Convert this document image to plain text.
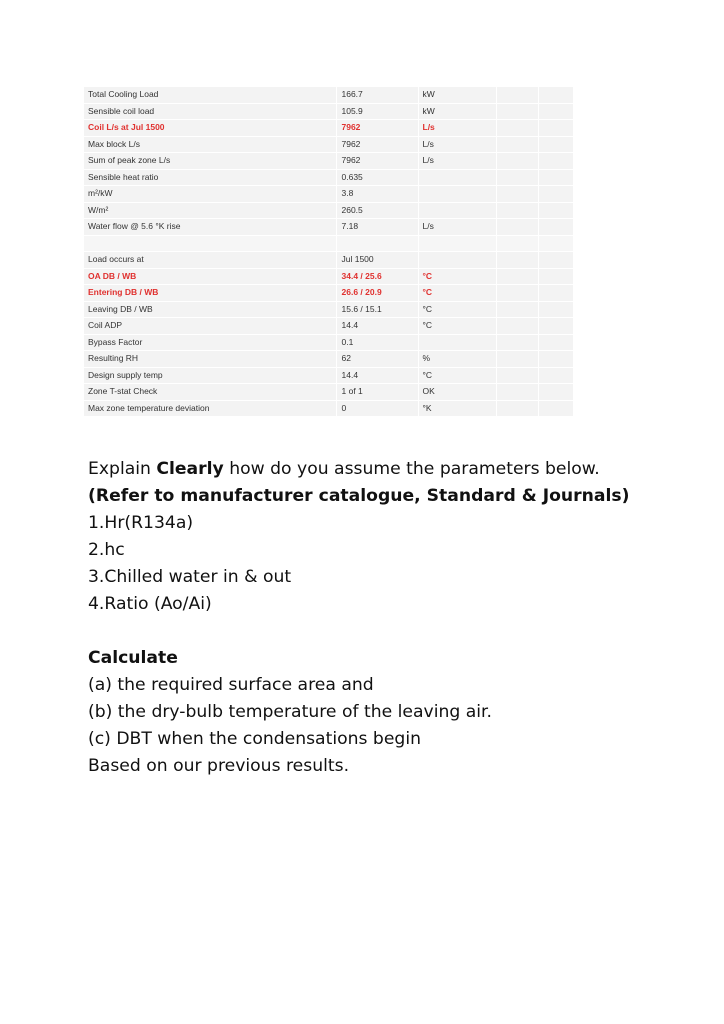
Total Cooling Load	166.7	kW		
Sensible coil load	105.9	kW		
Coil L/s at Jul 1500	7962	L/s		
Max block L/s	7962	L/s		
Sum of peak zone L/s	7962	L/s		
Sensible heat ratio	0.635			
m²/kW	3.8			
W/m²	260.5			
Water flow @ 5.6 °K rise	7.18	L/s		

Load occurs at	Jul 1500			
OA DB / WB	34.4 / 25.6	°C		
Entering DB / WB	26.6 / 20.9	°C		
Leaving DB / WB	15.6 / 15.1	°C		
Coil ADP	14.4	°C		
Bypass Factor	0.1			
Resulting RH	62	%		
Design supply temp	14.4	°C		
Zone T-stat Check	1 of 1	OK		
Max zone temperature deviation	0	°K		
Explain Clearly how do you assume the parameters below.
(Refer to manufacturer catalogue, Standard & Journals)
1.Hr(R134a)
2.hc
3.Chilled water in & out
4.Ratio (Ao/Ai)
Calculate
(a) the required surface area and
(b) the dry-bulb temperature of the leaving air.
(c) DBT when the condensations begin
Based on our previous results.
